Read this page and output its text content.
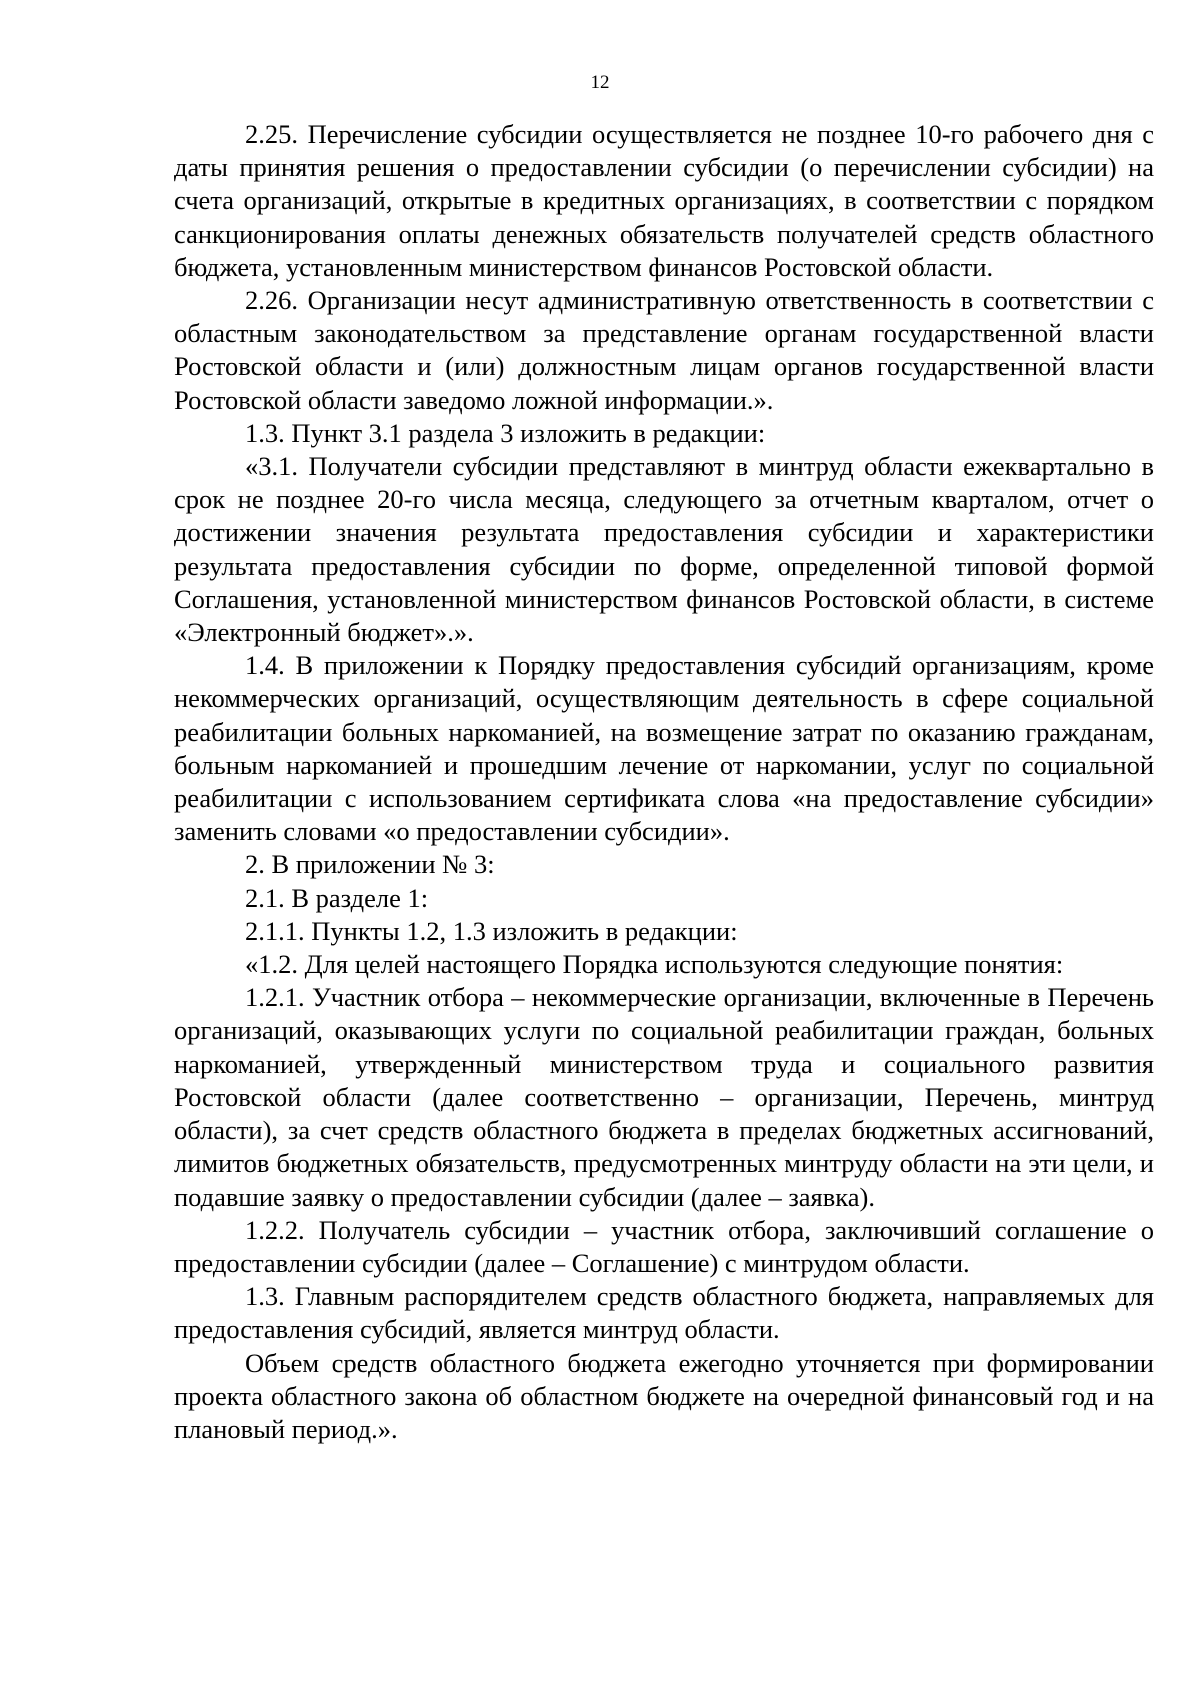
12

2.25. Перечисление субсидии осуществляется не позднее 10-го рабочего дня с даты принятия решения о предоставлении субсидии (о перечислении субсидии) на счета организаций, открытые в кредитных организациях, в соответствии с порядком санкционирования оплаты денежных обязательств получателей средств областного бюджета, установленным министерством финансов Ростовской области.

2.26. Организации несут административную ответственность в соответствии с областным законодательством за представление органам государственной власти Ростовской области и (или) должностным лицам органов государственной власти Ростовской области заведомо ложной информации.».

1.3. Пункт 3.1 раздела 3 изложить в редакции:

«3.1. Получатели субсидии представляют в минтруд области ежеквартально в срок не позднее 20-го числа месяца, следующего за отчетным кварталом, отчет о достижении значения результата предоставления субсидии и характеристики результата предоставления субсидии по форме, определенной типовой формой Соглашения, установленной министерством финансов Ростовской области, в системе «Электронный бюджет».».

1.4. В приложении к Порядку предоставления субсидий организациям, кроме некоммерческих организаций, осуществляющим деятельность в сфере социальной реабилитации больных наркоманией, на возмещение затрат по оказанию гражданам, больным наркоманией и прошедшим лечение от наркомании, услуг по социальной реабилитации с использованием сертификата слова «на предоставление субсидии» заменить словами «о предоставлении субсидии».

2. В приложении № 3:

2.1. В разделе 1:

2.1.1. Пункты 1.2, 1.3 изложить в редакции:

«1.2. Для целей настоящего Порядка используются следующие понятия:

1.2.1. Участник отбора – некоммерческие организации, включенные в Перечень организаций, оказывающих услуги по социальной реабилитации граждан, больных наркоманией, утвержденный министерством труда и социального развития Ростовской области (далее соответственно – организации, Перечень, минтруд области), за счет средств областного бюджета в пределах бюджетных ассигнований, лимитов бюджетных обязательств, предусмотренных минтруду области на эти цели, и подавшие заявку о предоставлении субсидии (далее – заявка).

1.2.2. Получатель субсидии – участник отбора, заключивший соглашение о предоставлении субсидии (далее – Соглашение) с минтрудом области.

1.3. Главным распорядителем средств областного бюджета, направляемых для предоставления субсидий, является минтруд области.

Объем средств областного бюджета ежегодно уточняется при формировании проекта областного закона об областном бюджете на очередной финансовый год и на плановый период.».
